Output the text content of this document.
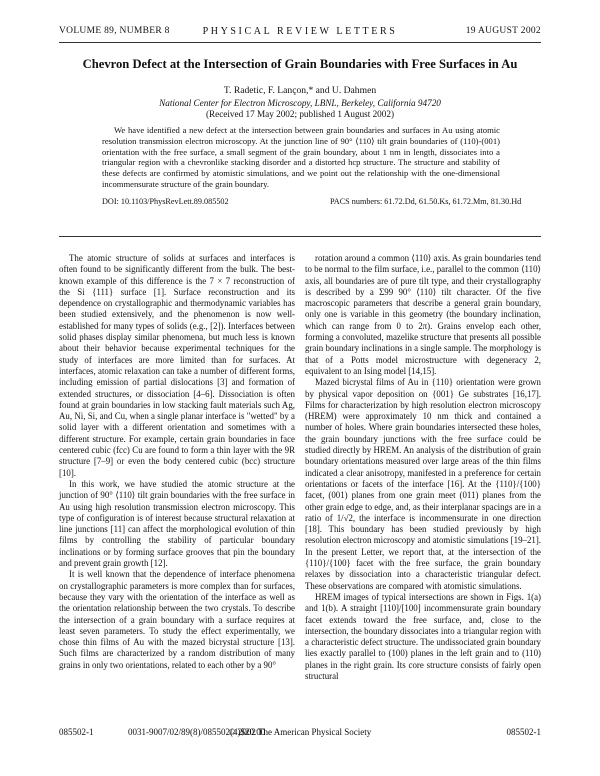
VOLUME 89, NUMBER 8	PHYSICAL REVIEW LETTERS	19 AUGUST 2002
Chevron Defect at the Intersection of Grain Boundaries with Free Surfaces in Au
T. Radetic, F. Lançon,* and U. Dahmen
National Center for Electron Microscopy, LBNL, Berkeley, California 94720
(Received 17 May 2002; published 1 August 2002)
We have identified a new defect at the intersection between grain boundaries and surfaces in Au using atomic resolution transmission electron microscopy. At the junction line of 90° ⟨110⟩ tilt grain boundaries of (110)-(001) orientation with the free surface, a small segment of the grain boundary, about 1 nm in length, dissociates into a triangular region with a chevronlike stacking disorder and a distorted hcp structure. The structure and stability of these defects are confirmed by atomistic simulations, and we point out the relationship with the one-dimensional incommensurate structure of the grain boundary.
DOI: 10.1103/PhysRevLett.89.085502	PACS numbers: 61.72.Dd, 61.50.Ks, 61.72.Mm, 81.30.Hd

The atomic structure of solids at surfaces and interfaces is often found to be significantly different from the bulk. The best-known example of this difference is the 7 × 7 reconstruction of the Si {111} surface [1]. Surface reconstruction and its dependence on crystallographic and thermodynamic variables has been studied extensively, and the phenomenon is now well-established for many types of solids (e.g., [2]). Interfaces between solid phases display similar phenomena, but much less is known about their behavior because experimental techniques for the study of interfaces are more limited than for surfaces. At interfaces, atomic relaxation can take a number of different forms, including emission of partial dislocations [3] and formation of extended structures, or dissociation [4–6]. Dissociation is often found at grain boundaries in low stacking fault materials such Ag, Au, Ni, Si, and Cu, when a single planar interface is "wetted" by a solid layer with a different orientation and sometimes with a different structure. For example, certain grain boundaries in face centered cubic (fcc) Cu are found to form a thin layer with the 9R structure [7–9] or even the body centered cubic (bcc) structure [10].

In this work, we have studied the atomic structure at the junction of 90° ⟨110⟩ tilt grain boundaries with the free surface in Au using high resolution transmission electron microscopy. This type of configuration is of interest because structural relaxation at line junctions [11] can affect the morphological evolution of thin films by controlling the stability of particular boundary inclinations or by forming surface grooves that pin the boundary and prevent grain growth [12].

It is well known that the dependence of interface phenomena on crystallographic parameters is more complex than for surfaces, because they vary with the orientation of the interface as well as the orientation relationship between the two crystals. To describe the intersection of a grain boundary with a surface requires at least seven parameters. To study the effect experimentally, we chose thin films of Au with the mazed bicrystal structure [13]. Such films are characterized by a random distribution of many grains in only two orientations, related to each other by a 90°

rotation around a common ⟨110⟩ axis. As grain boundaries tend to be normal to the film surface, i.e., parallel to the common ⟨110⟩ axis, all boundaries are of pure tilt type, and their crystallography is described by a Σ99 90° ⟨110⟩ tilt character. Of the five macroscopic parameters that describe a general grain boundary, only one is variable in this geometry (the boundary inclination, which can range from 0 to 2π). Grains envelop each other, forming a convoluted, mazelike structure that presents all possible grain boundary inclinations in a single sample. The morphology is that of a Potts model microstructure with degeneracy 2, equivalent to an Ising model [14,15].

Mazed bicrystal films of Au in {110} orientation were grown by physical vapor deposition on {001} Ge substrates [16,17]. Films for characterization by high resolution electron microscopy (HREM) were approximately 10 nm thick and contained a number of holes. Where grain boundaries intersected these holes, the grain boundary junctions with the free surface could be studied directly by HREM. An analysis of the distribution of grain boundary orientations measured over large areas of the thin films indicated a clear anisotropy, manifested in a preference for certain orientations or facets of the interface [16]. At the {110}/{100} facet, (001) planes from one grain meet (011) planes from the other grain edge to edge, and, as their interplanar spacings are in a ratio of 1/√2, the interface is incommensurate in one direction [18]. This boundary has been studied previously by high resolution electron microscopy and atomistic simulations [19–21]. In the present Letter, we report that, at the intersection of the {110}/{100} facet with the free surface, the grain boundary relaxes by dissociation into a characteristic triangular defect. These observations are compared with atomistic simulations.

HREM images of typical intersections are shown in Figs. 1(a) and 1(b). A straight [110]/[100] incommensurate grain boundary facet extends toward the free surface, and, close to the intersection, the boundary dissociates into a triangular region with a characteristic defect structure. The undissociated grain boundary lies exactly parallel to (100) planes in the left grain and to (110) planes in the right grain. Its core structure consists of fairly open structural

085502-1	0031-9007/02/89(8)/085502(4)$20.00
© 2002 The American Physical Society	085502-1
